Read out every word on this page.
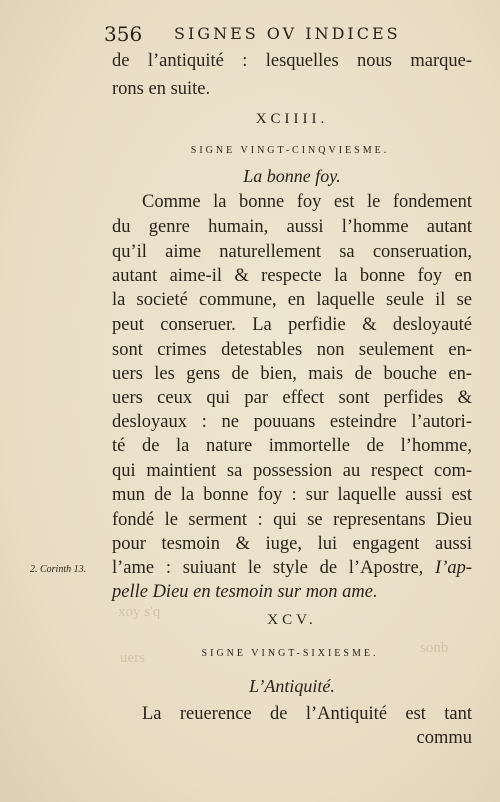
356 SIGNES OV INDICES
de l’antiquité : lesquelles nous marque-
rons en suite.
XCIIII.
SIGNE VINGT-CINQVIESME.
La bonne foy.
Comme la bonne foy est le fondement
du genre humain, aussi l’homme autant
qu’il aime naturellement sa conseruation,
autant aime-il & respecte la bonne foy en
la societé commune, en laquelle seule il se
peut conseruer. La perfidie & desloyauté
sont crimes detestables non seulement en-
uers les gens de bien, mais de bouche en-
uers ceux qui par effect sont perfides &
desloyaux : ne pouuans esteindre l’autori-
té de la nature immortelle de l’homme,
qui maintient sa possession au respect com-
mun de la bonne foy : sur laquelle aussi est
fondé le serment : qui se representans Dieu
pour tesmoin & iuge, lui engagent aussi
2. Corinth 13. l’ame : suiuant le style de l’Apostre, I’ap-
pelle Dieu en tesmoin sur mon ame.
xoy s'q
uers
sonb
XCV.
SIGNE VINGT-SIXIESME.
L’Antiquité.
La reuerence de l’Antiquité est tant
commu
